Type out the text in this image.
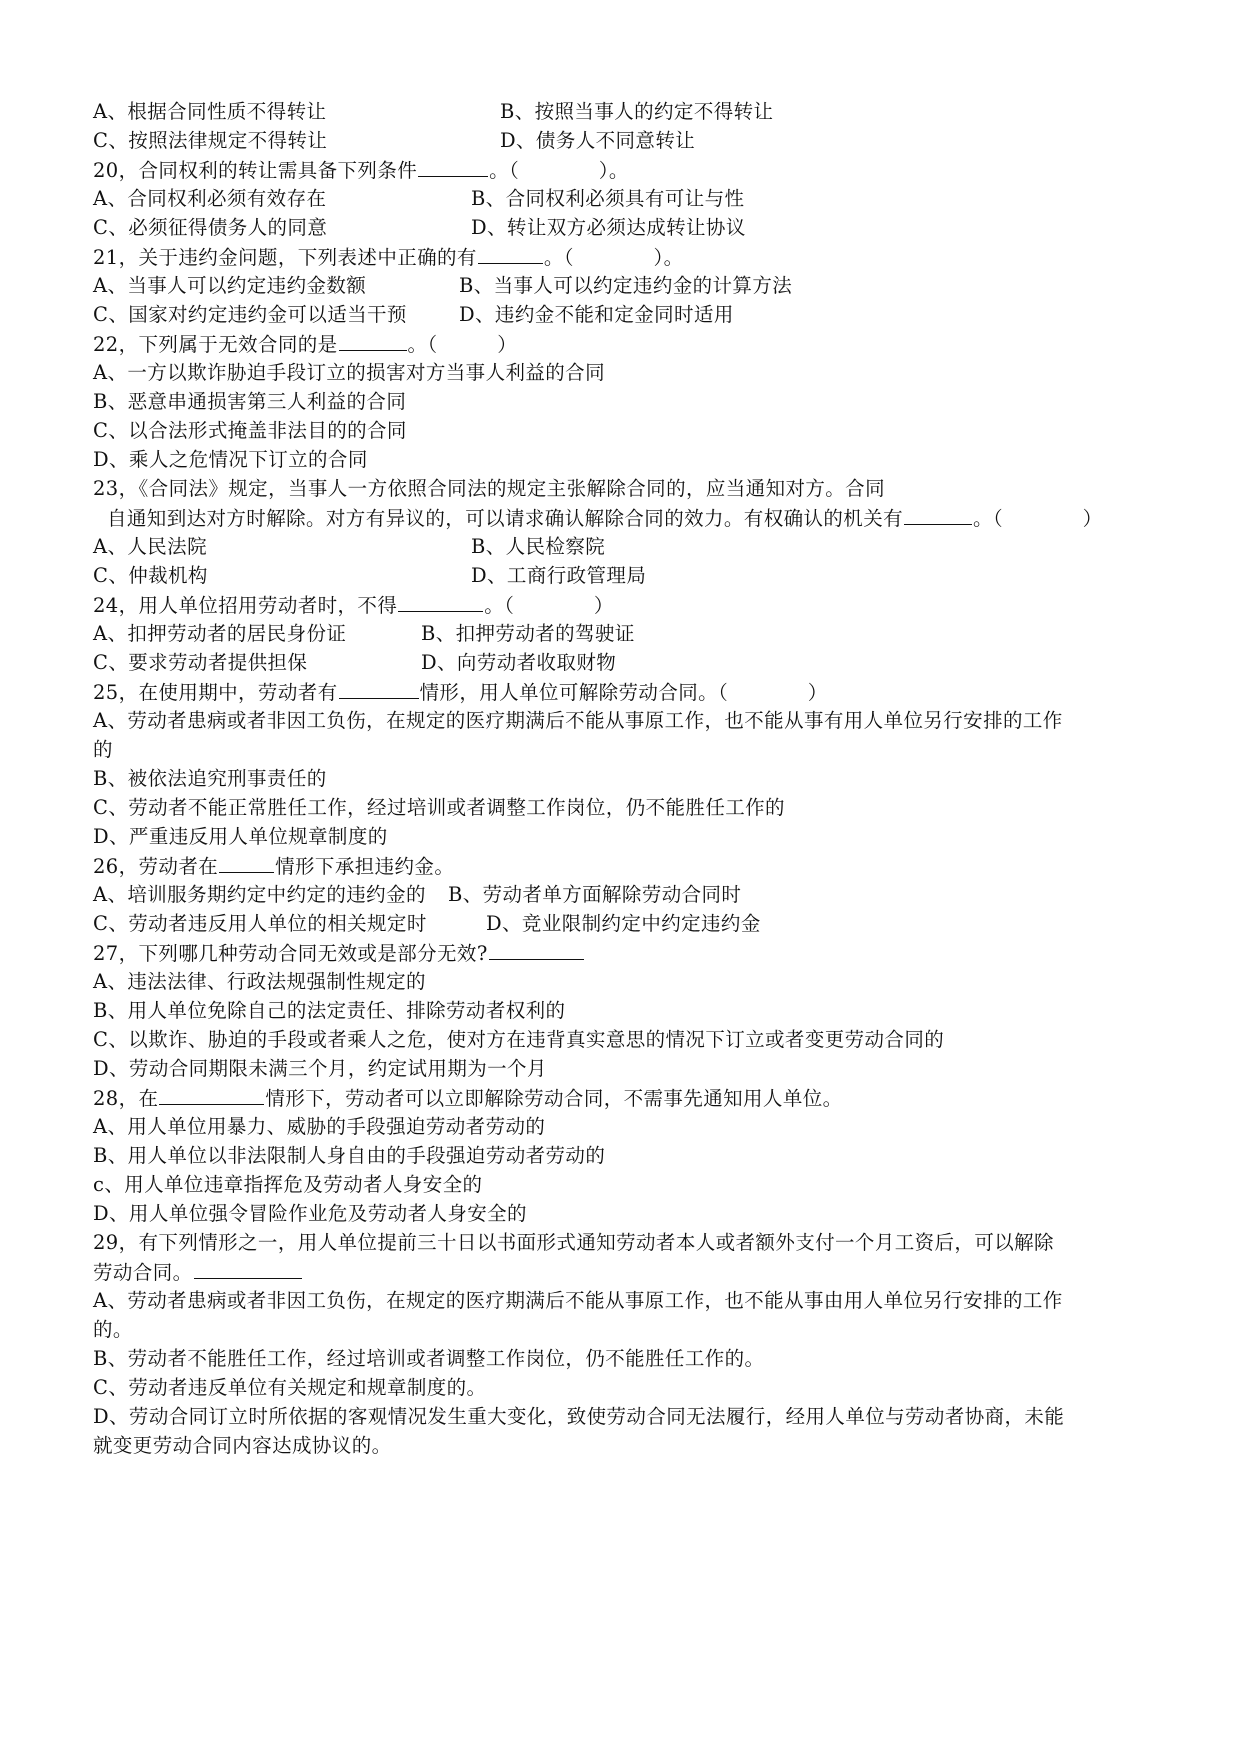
A、根据合同性质不得转让	B、按照当事人的约定不得转让
C、按照法律规定不得转让	D、债务人不同意转让
20，合同权利的转让需具备下列条件	。（　　　　）。
A、合同权利必须有效存在	B、合同权利必须具有可让与性
C、必须征得债务人的同意	D、转让双方必须达成转让协议
21，关于违约金问题，下列表述中正确的有	。（　　　　）。
A、当事人可以约定违约金数额	B、当事人可以约定违约金的计算方法
C、国家对约定违约金可以适当干预	D、违约金不能和定金同时适用
22，下列属于无效合同的是	。（　　　）
A、一方以欺诈胁迫手段订立的损害对方当事人利益的合同
B、恶意串通损害第三人利益的合同
C、以合法形式掩盖非法目的的合同
D、乘人之危情况下订立的合同
23，《合同法》规定，当事人一方依照合同法的规定主张解除合同的，应当通知对方。合同
自通知到达对方时解除。对方有异议的，可以请求确认解除合同的效力。有权确认的机关有	。（　　　　）
A、人民法院	B、人民检察院
C、仲裁机构	D、工商行政管理局
24，用人单位招用劳动者时，不得	。（　　　　）
A、扣押劳动者的居民身份证	B、扣押劳动者的驾驶证
C、要求劳动者提供担保	D、向劳动者收取财物
25，在使用期中，劳动者有	情形，用人单位可解除劳动合同。（　　　　）
A、劳动者患病或者非因工负伤，在规定的医疗期满后不能从事原工作，也不能从事有用人单位另行安排的工作
的
B、被依法追究刑事责任的
C、劳动者不能正常胜任工作，经过培训或者调整工作岗位，仍不能胜任工作的
D、严重违反用人单位规章制度的
26，劳动者在	情形下承担违约金。
A、培训服务期约定中约定的违约金的 B、劳动者单方面解除劳动合同时
C、劳动者违反用人单位的相关规定时	D、竞业限制约定中约定违约金
27，下列哪几种劳动合同无效或是部分无效?
A、违法法律、行政法规强制性规定的
B、用人单位免除自己的法定责任、排除劳动者权利的
C、以欺诈、胁迫的手段或者乘人之危，使对方在违背真实意思的情况下订立或者变更劳动合同的
D、劳动合同期限未满三个月，约定试用期为一个月
28，在	情形下，劳动者可以立即解除劳动合同，不需事先通知用人单位。
A、用人单位用暴力、威胁的手段强迫劳动者劳动的
B、用人单位以非法限制人身自由的手段强迫劳动者劳动的
c、用人单位违章指挥危及劳动者人身安全的
D、用人单位强令冒险作业危及劳动者人身安全的
29，有下列情形之一，用人单位提前三十日以书面形式通知劳动者本人或者额外支付一个月工资后，可以解除
劳动合同。
A、劳动者患病或者非因工负伤，在规定的医疗期满后不能从事原工作，也不能从事由用人单位另行安排的工作
的。
B、劳动者不能胜任工作，经过培训或者调整工作岗位，仍不能胜任工作的。
C、劳动者违反单位有关规定和规章制度的。
D、劳动合同订立时所依据的客观情况发生重大变化，致使劳动合同无法履行，经用人单位与劳动者协商，未能
就变更劳动合同内容达成协议的。
